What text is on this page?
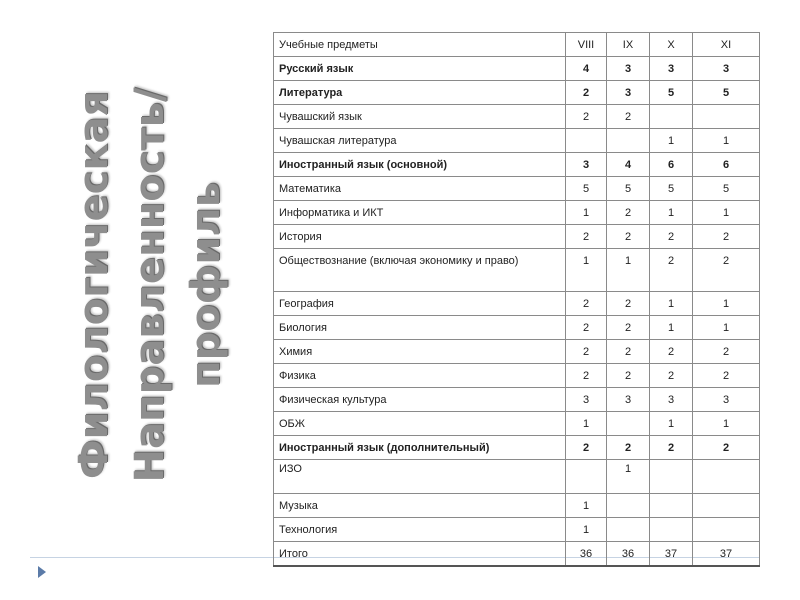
Филологическая Направленность/ профиль
Учебные предметы	VIII	IX	X	XI
Русский язык	4	3	3	3
Литература	2	3	5	5
Чувашский язык	2	2		
Чувашская литература			1	1
Иностранный язык (основной)	3	4	6	6
Математика	5	5	5	5
Информатика и ИКТ	1	2	1	1
История	2	2	2	2
Обществознание (включая экономику и право)	1	1	2	2
География	2	2	1	1
Биология	2	2	1	1
Химия	2	2	2	2
Физика	2	2	2	2
Физическая культура	3	3	3	3
ОБЖ	1		1	1
Иностранный язык (дополнительный)	2	2	2	2
ИЗО		1		
Музыка	1			
Технология	1			
Итого	36	36	37	37
